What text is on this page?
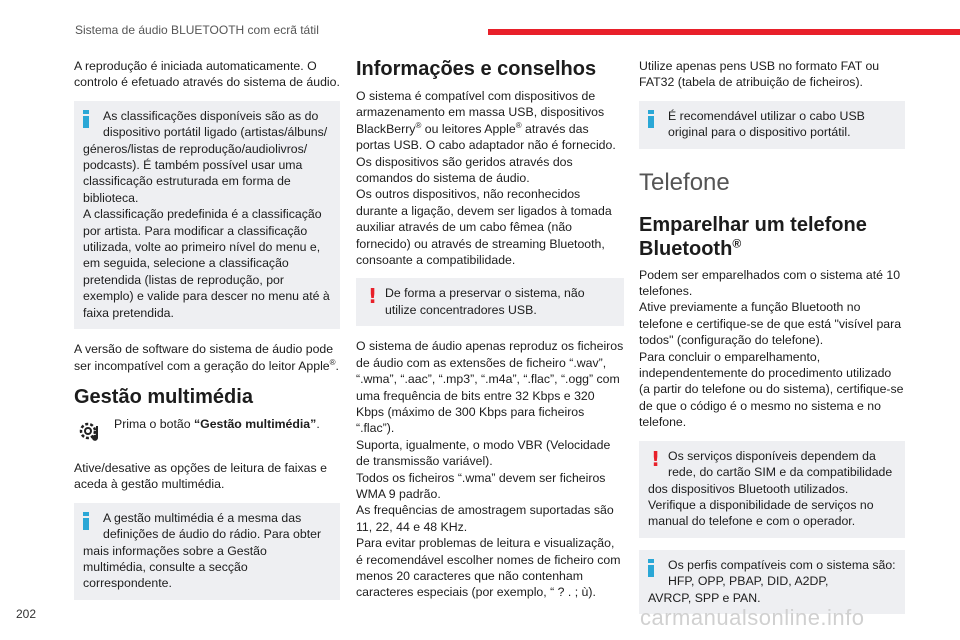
Sistema de áudio BLUETOOTH com ecrã tátil

A reprodução é iniciada automaticamente. O controlo é efetuado através do sistema de áudio.

As classificações disponíveis são as do dispositivo portátil ligado (artistas/álbuns/
géneros/listas de reprodução/audiolivros/ podcasts). É também possível usar uma classificação estruturada em forma de biblioteca.
A classificação predefinida é a classificação por artista. Para modificar a classificação utilizada, volte ao primeiro nível do menu e, em seguida, selecione a classificação pretendida (listas de reprodução, por exemplo) e valide para descer no menu até à faixa pretendida.

A versão de software do sistema de áudio pode ser incompatível com a geração do leitor Apple®.

Gestão multimédia
Prima o botão “Gestão multimédia”.

Ative/desative as opções de leitura de faixas e aceda à gestão multimédia.

A gestão multimédia é a mesma das definições de áudio do rádio. Para obter
mais informações sobre a Gestão multimédia, consulte a secção correspondente.
Informações e conselhos

O sistema é compatível com dispositivos de armazenamento em massa USB, dispositivos BlackBerry® ou leitores Apple® através das portas USB. O cabo adaptador não é fornecido.
Os dispositivos são geridos através dos comandos do sistema de áudio.
Os outros dispositivos, não reconhecidos durante a ligação, devem ser ligados à tomada auxiliar através de um cabo fêmea (não fornecido) ou através de streaming Bluetooth, consoante a compatibilidade.

! De forma a preservar o sistema, não utilize concentradores USB.

O sistema de áudio apenas reproduz os ficheiros de áudio com as extensões de ficheiro “.wav”, “.wma”, “.aac”, “.mp3”, “.m4a”, “.flac”, “.ogg” com uma frequência de bits entre 32 Kbps e 320 Kbps (máximo de 300 Kbps para ficheiros “.flac”).
Suporta, igualmente, o modo VBR (Velocidade de transmissão variável).
Todos os ficheiros “.wma” devem ser ficheiros WMA 9 padrão.
As frequências de amostragem suportadas são 11, 22, 44 e 48 KHz.
Para evitar problemas de leitura e visualização, é recomendável escolher nomes de ficheiro com menos 20 caracteres que não contenham caracteres especiais (por exemplo, “ ? . ; ù).

Utilize apenas pens USB no formato FAT ou FAT32 (tabela de atribuição de ficheiros).

É recomendável utilizar o cabo USB original para o dispositivo portátil.
Telefone
Emparelhar um telefone Bluetooth®

Podem ser emparelhados com o sistema até 10 telefones.
Ative previamente a função Bluetooth no telefone e certifique-se de que está "visível para todos" (configuração do telefone).
Para concluir o emparelhamento, independentemente do procedimento utilizado (a partir do telefone ou do sistema), certifique-se de que o código é o mesmo no sistema e no telefone.

! Os serviços disponíveis dependem da rede, do cartão SIM e da compatibilidade
dos dispositivos Bluetooth utilizados.
Verifique a disponibilidade de serviços no manual do telefone e com o operador.
Os perfis compatíveis com o sistema são: HFP, OPP, PBAP, DID, A2DP,
AVRCP, SPP e PAN.
202	carmanualsonline.info
